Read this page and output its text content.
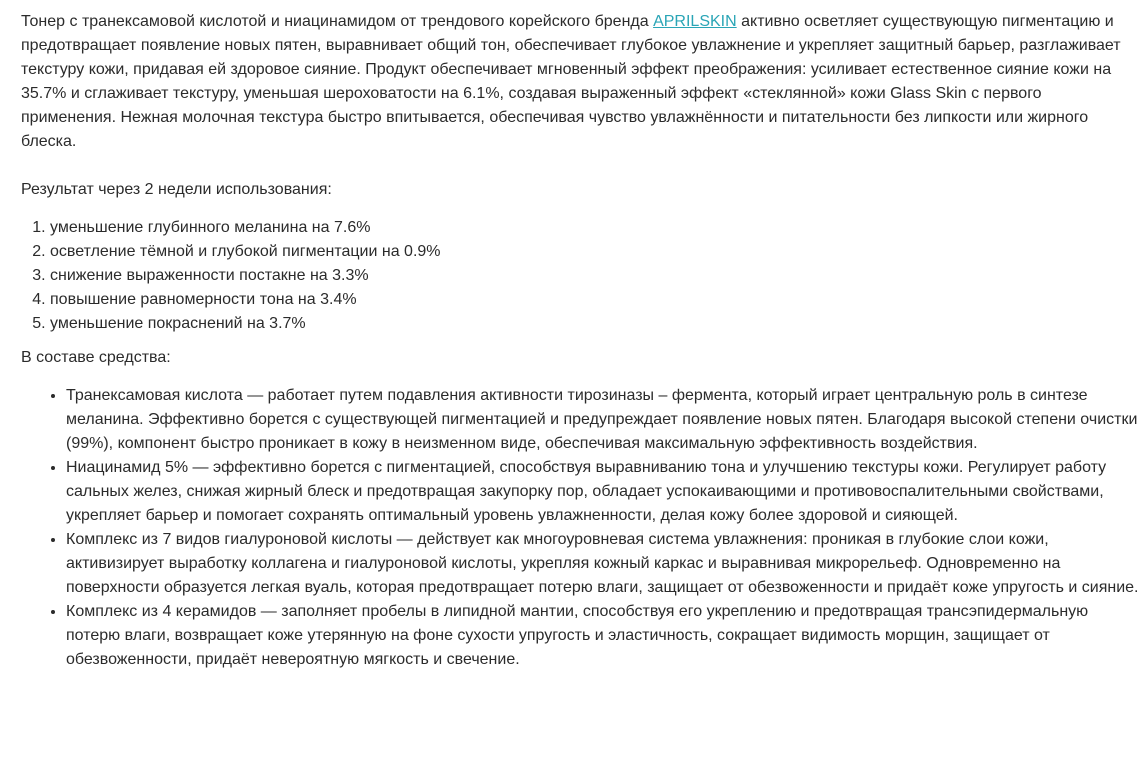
Тонер с транексамовой кислотой и ниацинамидом от трендового корейского бренда APRILSKIN активно осветляет существующую пигментацию и предотвращает появление новых пятен, выравнивает общий тон, обеспечивает глубокое увлажнение и укрепляет защитный барьер, разглаживает текстуру кожи, придавая ей здоровое сияние. Продукт обеспечивает мгновенный эффект преображения: усиливает естественное сияние кожи на 35.7% и сглаживает текстуру, уменьшая шероховатости на 6.1%, создавая выраженный эффект «стеклянной» кожи Glass Skin с первого применения. Нежная молочная текстура быстро впитывается, обеспечивая чувство увлажнённости и питательности без липкости или жирного блеска.

Результат через 2 недели использования:

1. уменьшение глубинного меланина на 7.6%
2. осветление тёмной и глубокой пигментации на 0.9%
3. снижение выраженности постакне на 3.3%
4. повышение равномерности тона на 3.4%
5. уменьшение покраснений на 3.7%

В составе средства:

• Транексамовая кислота — работает путем подавления активности тирозиназы – фермента, который играет центральную роль в синтезе меланина. Эффективно борется с существующей пигментацией и предупреждает появление новых пятен. Благодаря высокой степени очистки (99%), компонент быстро проникает в кожу в неизменном виде, обеспечивая максимальную эффективность воздействия.
• Ниацинамид 5% — эффективно борется с пигментацией, способствуя выравниванию тона и улучшению текстуры кожи. Регулирует работу сальных желез, снижая жирный блеск и предотвращая закупорку пор, обладает успокаивающими и противовоспалительными свойствами, укрепляет барьер и помогает сохранять оптимальный уровень увлажненности, делая кожу более здоровой и сияющей.
• Комплекс из 7 видов гиалуроновой кислоты — действует как многоуровневая система увлажнения: проникая в глубокие слои кожи, активизирует выработку коллагена и гиалуроновой кислоты, укрепляя кожный каркас и выравнивая микрорельеф. Одновременно на поверхности образуется легкая вуаль, которая предотвращает потерю влаги, защищает от обезвоженности и придаёт коже упругость и сияние.
• Комплекс из 4 керамидов — заполняет пробелы в липидной мантии, способствуя его укреплению и предотвращая трансэпидермальную потерю влаги, возвращает коже утерянную на фоне сухости упругость и эластичность, сокращает видимость морщин, защищает от обезвоженности, придаёт невероятную мягкость и свечение.
